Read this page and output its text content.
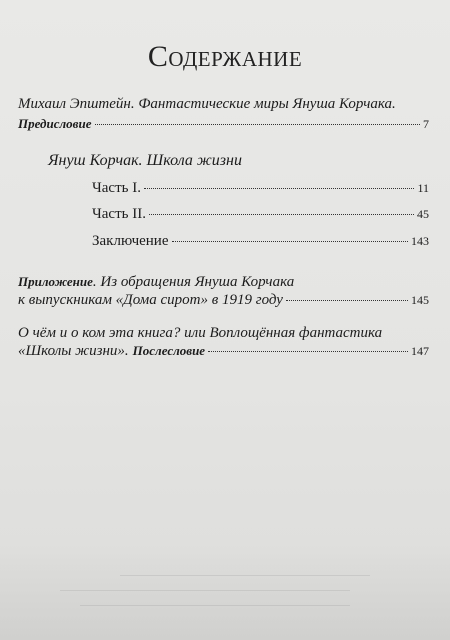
Содержание
Михаил Эпштейн. Фантастические миры Януша Корчака.
Предисловие	7
Януш Корчак. Школа жизни
Часть I.	11
Часть II.	45
Заключение	143
Приложение . Из обращения Януша Корчака
к выпускникам «Дома сирот» в 1919 году	145
О чём и о ком эта книга? или Воплощённая фантастика
«Школы жизни». Послесловие	147
